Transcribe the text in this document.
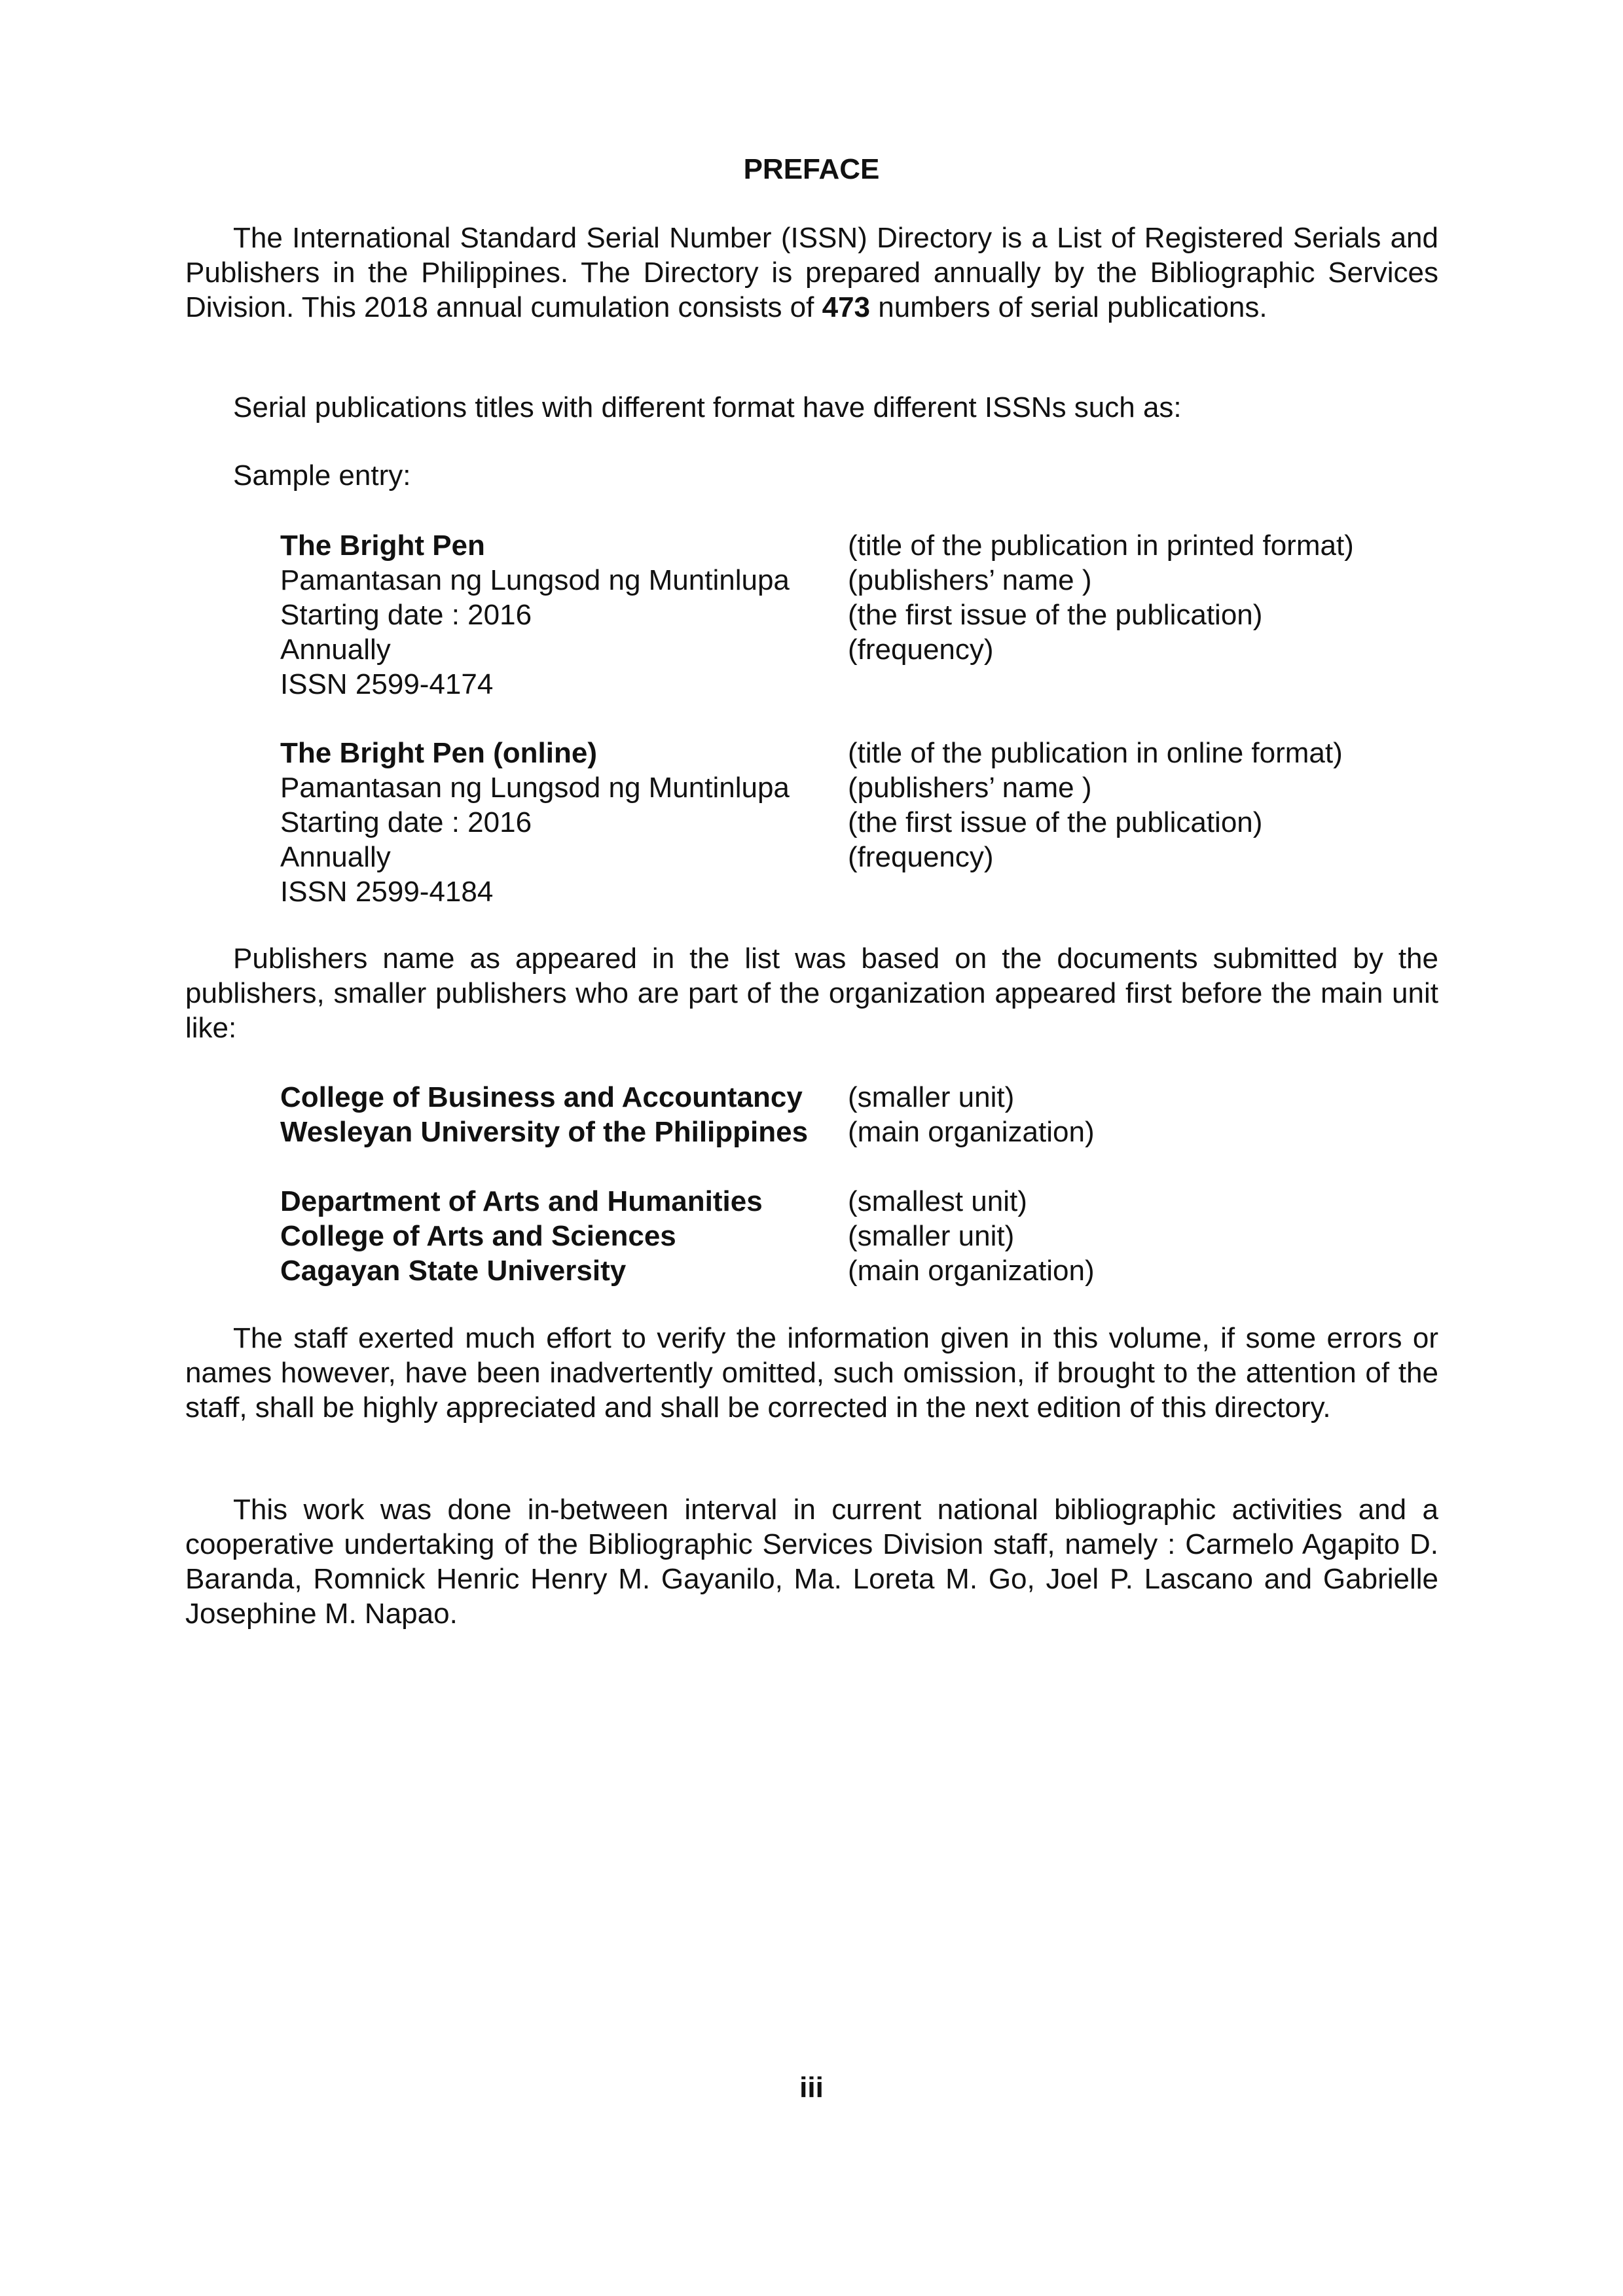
PREFACE

The International Standard Serial Number (ISSN) Directory is a List of Registered Serials and Publishers in the Philippines. The Directory is prepared annually by the Bibliographic Services Division. This 2018 annual cumulation consists of 473 numbers of serial publications.

Serial publications titles with different format have different ISSNs such as:

Sample entry:

The Bright Pen	(title of the publication in printed format)
Pamantasan ng Lungsod ng Muntinlupa	(publishers’ name )
Starting date : 2016	(the first issue of the publication)
Annually	(frequency)
ISSN 2599-4174
The Bright Pen (online)	(title of the publication in online format)
Pamantasan ng Lungsod ng Muntinlupa	(publishers’ name )
Starting date : 2016	(the first issue of the publication)
Annually	(frequency)
ISSN 2599-4184

Publishers name as appeared in the list was based on the documents submitted by the publishers, smaller publishers who are part of the organization appeared first before the main unit like:

College of Business and Accountancy	(smaller unit)
Wesleyan University of the Philippines	(main organization)
Department of Arts and Humanities	(smallest unit)
College of Arts and Sciences	(smaller unit)
Cagayan State University	(main organization)

The staff exerted much effort to verify the information given in this volume, if some errors or names however, have been inadvertently omitted, such omission, if brought to the attention of the staff, shall be highly appreciated and shall be corrected in the next edition of this directory.

This work was done in-between interval in current national bibliographic activities and a cooperative undertaking of the Bibliographic Services Division staff, namely : Carmelo Agapito D. Baranda, Romnick Henric Henry M. Gayanilo, Ma. Loreta M. Go, Joel P. Lascano and Gabrielle Josephine M. Napao.

iii
